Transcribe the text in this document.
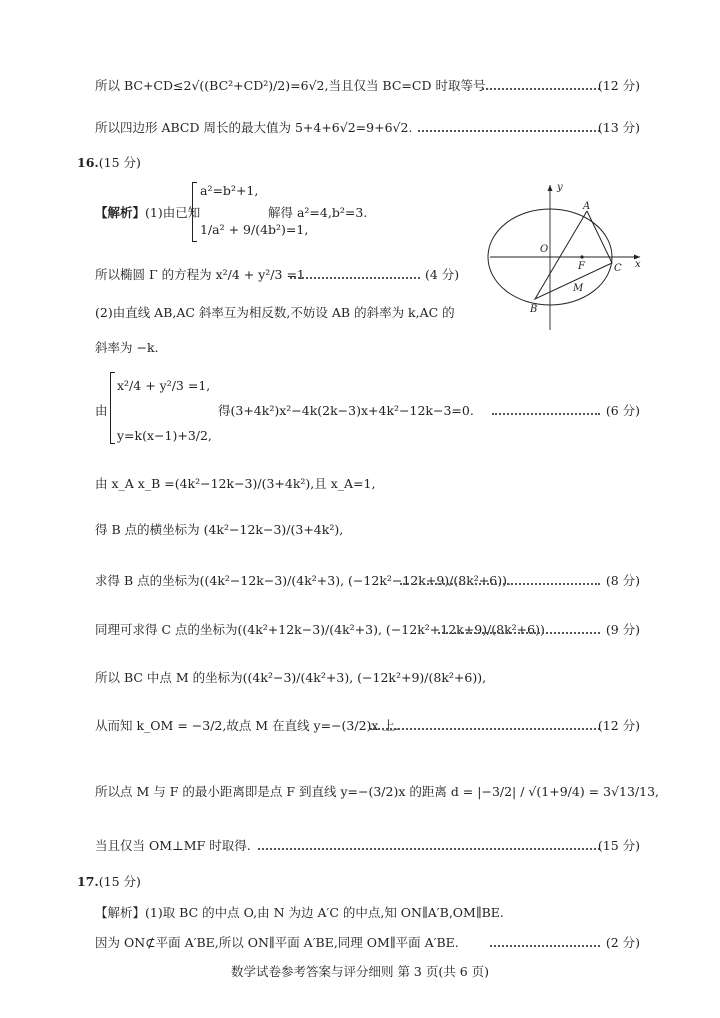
所以 BC+CD≤2√((BC²+CD²)/2)=6√2,当且仅当 BC=CD 时取等号.	(12 分)
所以四边形 ABCD 周长的最大值为 5+4+6√2=9+6√2.	(13 分)
16.(15 分)
【解析】(1)由已知
a²=b²+1,
1/a² + 9/(4b²)=1,
解得 a²=4,b²=3.
所以椭圆 Γ 的方程为 x²/4 + y²/3 =1.	(4 分)
y
x
O
A
B
C
F
M
(2)由直线 AB,AC 斜率互为相反数,不妨设 AB 的斜率为 k,AC 的
斜率为 −k.
由
x²/4 + y²/3 =1,
y=k(x−1)+3/2,
得(3+4k²)x²−4k(2k−3)x+4k²−12k−3=0.	(6 分)
由 x_A x_B =(4k²−12k−3)/(3+4k²),且 x_A=1,
得 B 点的横坐标为 (4k²−12k−3)/(3+4k²),
求得 B 点的坐标为((4k²−12k−3)/(4k²+3), (−12k²−12k+9)/(8k²+6)).	(8 分)
同理可求得 C 点的坐标为((4k²+12k−3)/(4k²+3), (−12k²+12k+9)/(8k²+6)).	(9 分)
所以 BC 中点 M 的坐标为((4k²−3)/(4k²+3), (−12k²+9)/(8k²+6)),
从而知 k_OM = −3/2,故点 M 在直线 y=−(3/2)x 上.	(12 分)
所以点 M 与 F 的最小距离即是点 F 到直线 y=−(3/2)x 的距离 d = |−3/2| / √(1+9/4) = 3√13/13,
当且仅当 OM⊥MF 时取得.	(15 分)
17.(15 分)
【解析】(1)取 BC 的中点 O,由 N 为边 A′C 的中点,知 ON∥A′B,OM∥BE.
因为 ON⊄平面 A′BE,所以 ON∥平面 A′BE,同理 OM∥平面 A′BE.	(2 分)
数学试卷参考答案与评分细则 第 3 页(共 6 页)
